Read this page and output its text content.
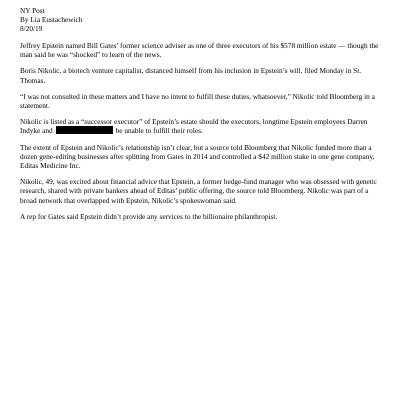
NY Post

By Lia Eustachewich

8/20/19

Jeffrey Epstein named Bill Gates’ former science adviser as one of three executors of his $578 million estate — though the man said he was “shocked” to learn of the news.

Boris Nikolic, a biotech venture capitalist, distanced himself from his inclusion in Epstein’s will, filed Monday in St. Thomas.

“I was not consulted in these matters and I have no intent to fulfill these duties, whatsoever,” Nikolic told Bloomberg in a statement.

Nikolic is listed as a “successor executor” of Epstein’s estate should the executors, longtime Epstein employees Darren Indyke and	be unable to fulfill their roles.

The extent of Epstein and Nikolic’s relationship isn’t clear, but a source told Bloomberg that Nikolic funded more than a dozen gene-editing businesses after splitting from Gates in 2014 and controlled a $42 million stake in one gene company, Editas Medicine Inc.

Nikolic, 49, was excited about financial advice that Epstein, a former hedge-fund manager who was obsessed with genetic research, shared with private bankers ahead of Editas’ public offering, the source told Bloomberg. Nikolic was part of a broad network that overlapped with Epstein, Nikolic’s spokeswoman said.

A rep for Gates said Epstein didn’t provide any services to the billionaire philanthropist.
